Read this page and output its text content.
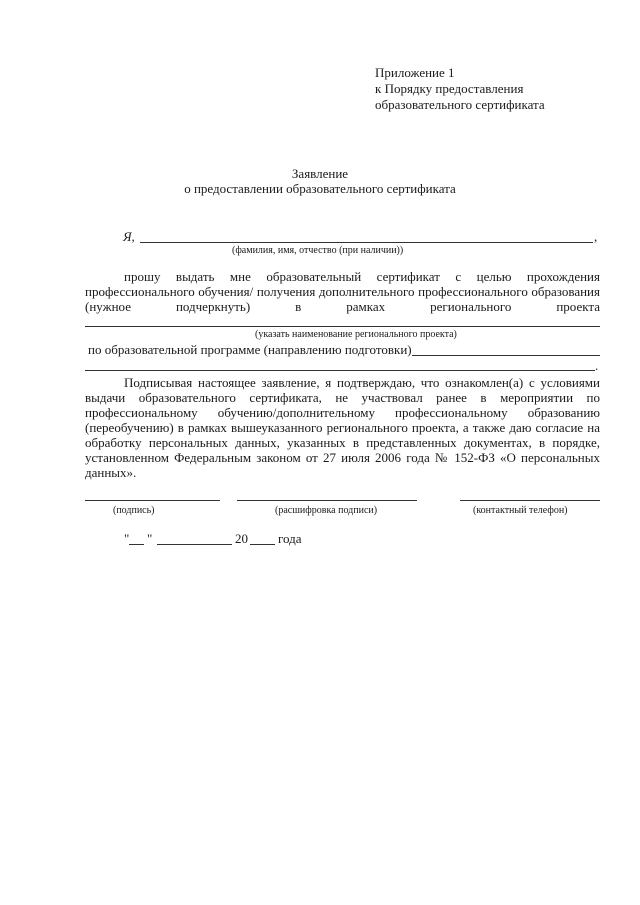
Приложение 1
к Порядку предоставления
образовательного сертификата
Заявление
о предоставлении образовательного сертификата
Я,	,
(фамилия, имя, отчество (при наличии))
прошу выдать мне образовательный сертификат с целью прохождения
профессионального обучения/ получения дополнительного профессионального образования
(нужное подчеркнуть) в рамках регионального проекта
(указать наименование регионального проекта)
по образовательной программе (направлению подготовки)
.
Подписывая настоящее заявление, я подтверждаю, что ознакомлен(а) с условиями
выдачи образовательного сертификата, не участвовал ранее в мероприятии по
профессиональному обучению/дополнительному профессиональному образованию
(переобучению) в рамках вышеуказанного регионального проекта, а также даю согласие на
обработку персональных данных, указанных в представленных документах, в порядке,
установленном Федеральным законом от 27 июля 2006 года № 152-ФЗ «О персональных
данных».
(подпись)	(расшифровка подписи)	(контактный телефон)
" "	20 года
